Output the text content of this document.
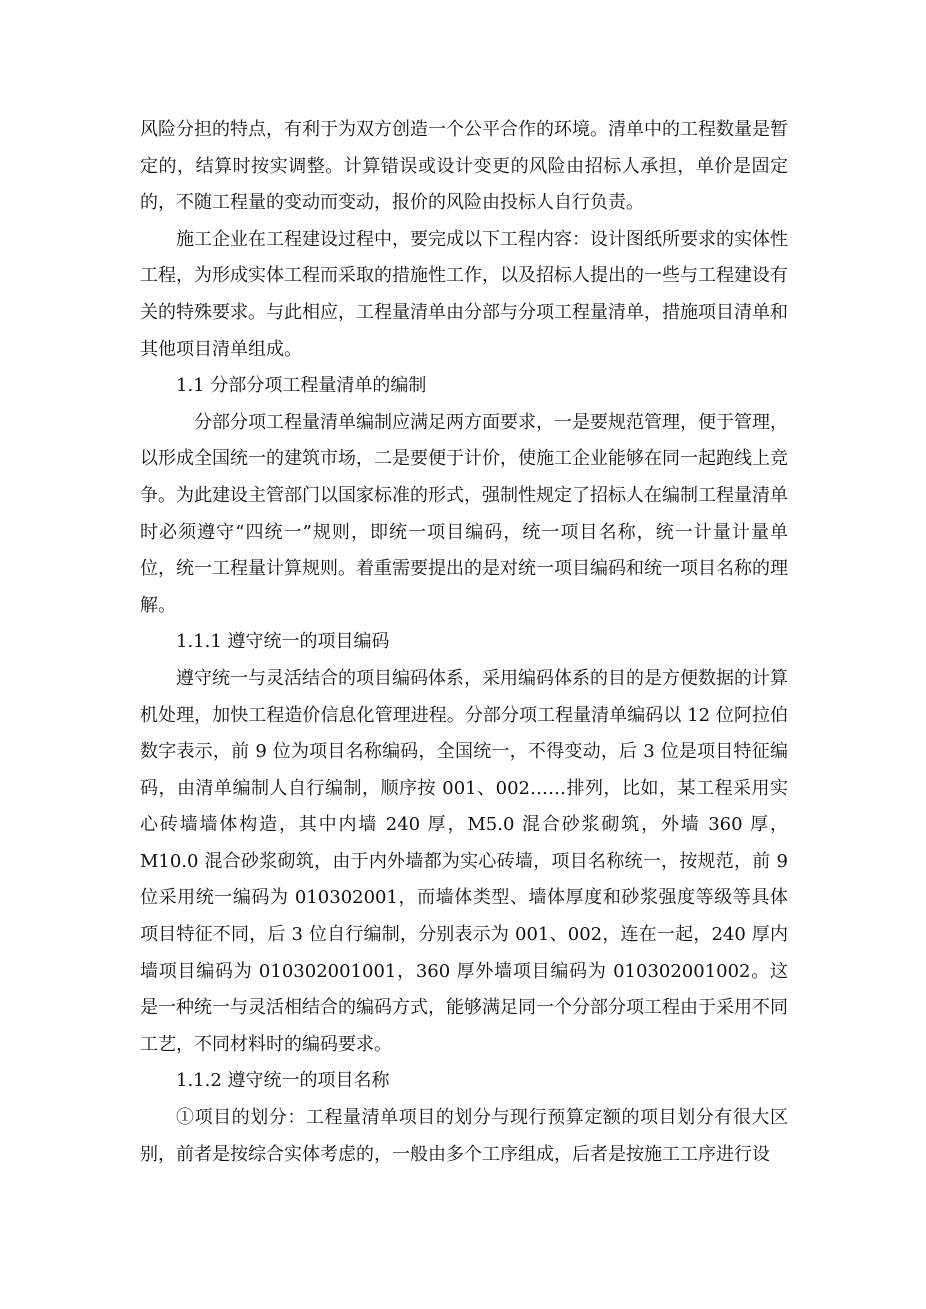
风险分担的特点，有利于为双方创造一个公平合作的环境。清单中的工程数量是暂定的，结算时按实调整。计算错误或设计变更的风险由招标人承担，单价是固定的，不随工程量的变动而变动，报价的风险由投标人自行负责。

施工企业在工程建设过程中，要完成以下工程内容：设计图纸所要求的实体性工程，为形成实体工程而采取的措施性工作，以及招标人提出的一些与工程建设有关的特殊要求。与此相应，工程量清单由分部与分项工程量清单，措施项目清单和其他项目清单组成。

1.1 分部分项工程量清单的编制

分部分项工程量清单编制应满足两方面要求，一是要规范管理，便于管理，以形成全国统一的建筑市场，二是要便于计价，使施工企业能够在同一起跑线上竞争。为此建设主管部门以国家标准的形式，强制性规定了招标人在编制工程量清单时必须遵守“四统一”规则，即统一项目编码，统一项目名称，统一计量计量单位，统一工程量计算规则。着重需要提出的是对统一项目编码和统一项目名称的理解。

1.1.1 遵守统一的项目编码

遵守统一与灵活结合的项目编码体系，采用编码体系的目的是方便数据的计算机处理，加快工程造价信息化管理进程。分部分项工程量清单编码以 12 位阿拉伯数字表示，前 9 位为项目名称编码，全国统一，不得变动，后 3 位是项目特征编码，由清单编制人自行编制，顺序按 001、002……排列，比如，某工程采用实心砖墙墙体构造，其中内墙 240 厚，M5.0 混合砂浆砌筑，外墙 360 厚，M10.0 混合砂浆砌筑，由于内外墙都为实心砖墙，项目名称统一，按规范，前 9 位采用统一编码为 010302001，而墙体类型、墙体厚度和砂浆强度等级等具体项目特征不同，后 3 位自行编制，分别表示为 001、002，连在一起，240 厚内墙项目编码为 010302001001，360 厚外墙项目编码为 010302001002。这是一种统一与灵活相结合的编码方式，能够满足同一个分部分项工程由于采用不同工艺，不同材料时的编码要求。

1.1.2 遵守统一的项目名称

①项目的划分：工程量清单项目的划分与现行预算定额的项目划分有很大区别，前者是按综合实体考虑的，一般由多个工序组成，后者是按施工工序进行设
